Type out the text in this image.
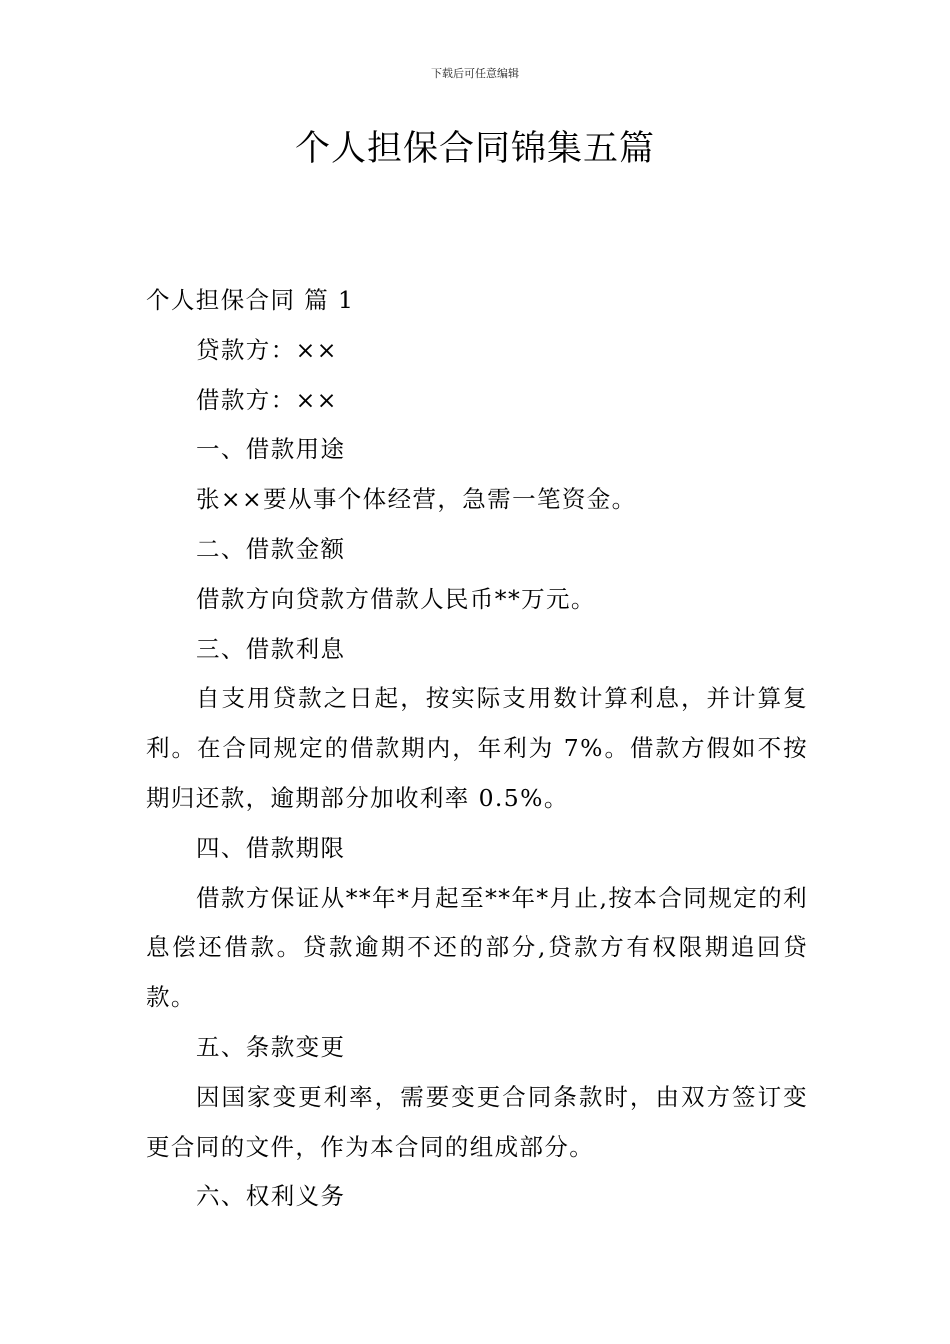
下载后可任意编辑
个人担保合同锦集五篇

个人担保合同 篇 1

贷款方：××

借款方：××

一、借款用途

张××要从事个体经营，急需一笔资金。

二、借款金额

借款方向贷款方借款人民币**万元。

三、借款利息

自支用贷款之日起，按实际支用数计算利息，并计算复利。在合同规定的借款期内，年利为 7%。借款方假如不按期归还款，逾期部分加收利率 0.5%。

四、借款期限

借款方保证从**年*月起至**年*月止,按本合同规定的利息偿还借款。贷款逾期不还的部分,贷款方有权限期追回贷款。

五、条款变更

因国家变更利率，需要变更合同条款时，由双方签订变更合同的文件，作为本合同的组成部分。

六、权利义务
